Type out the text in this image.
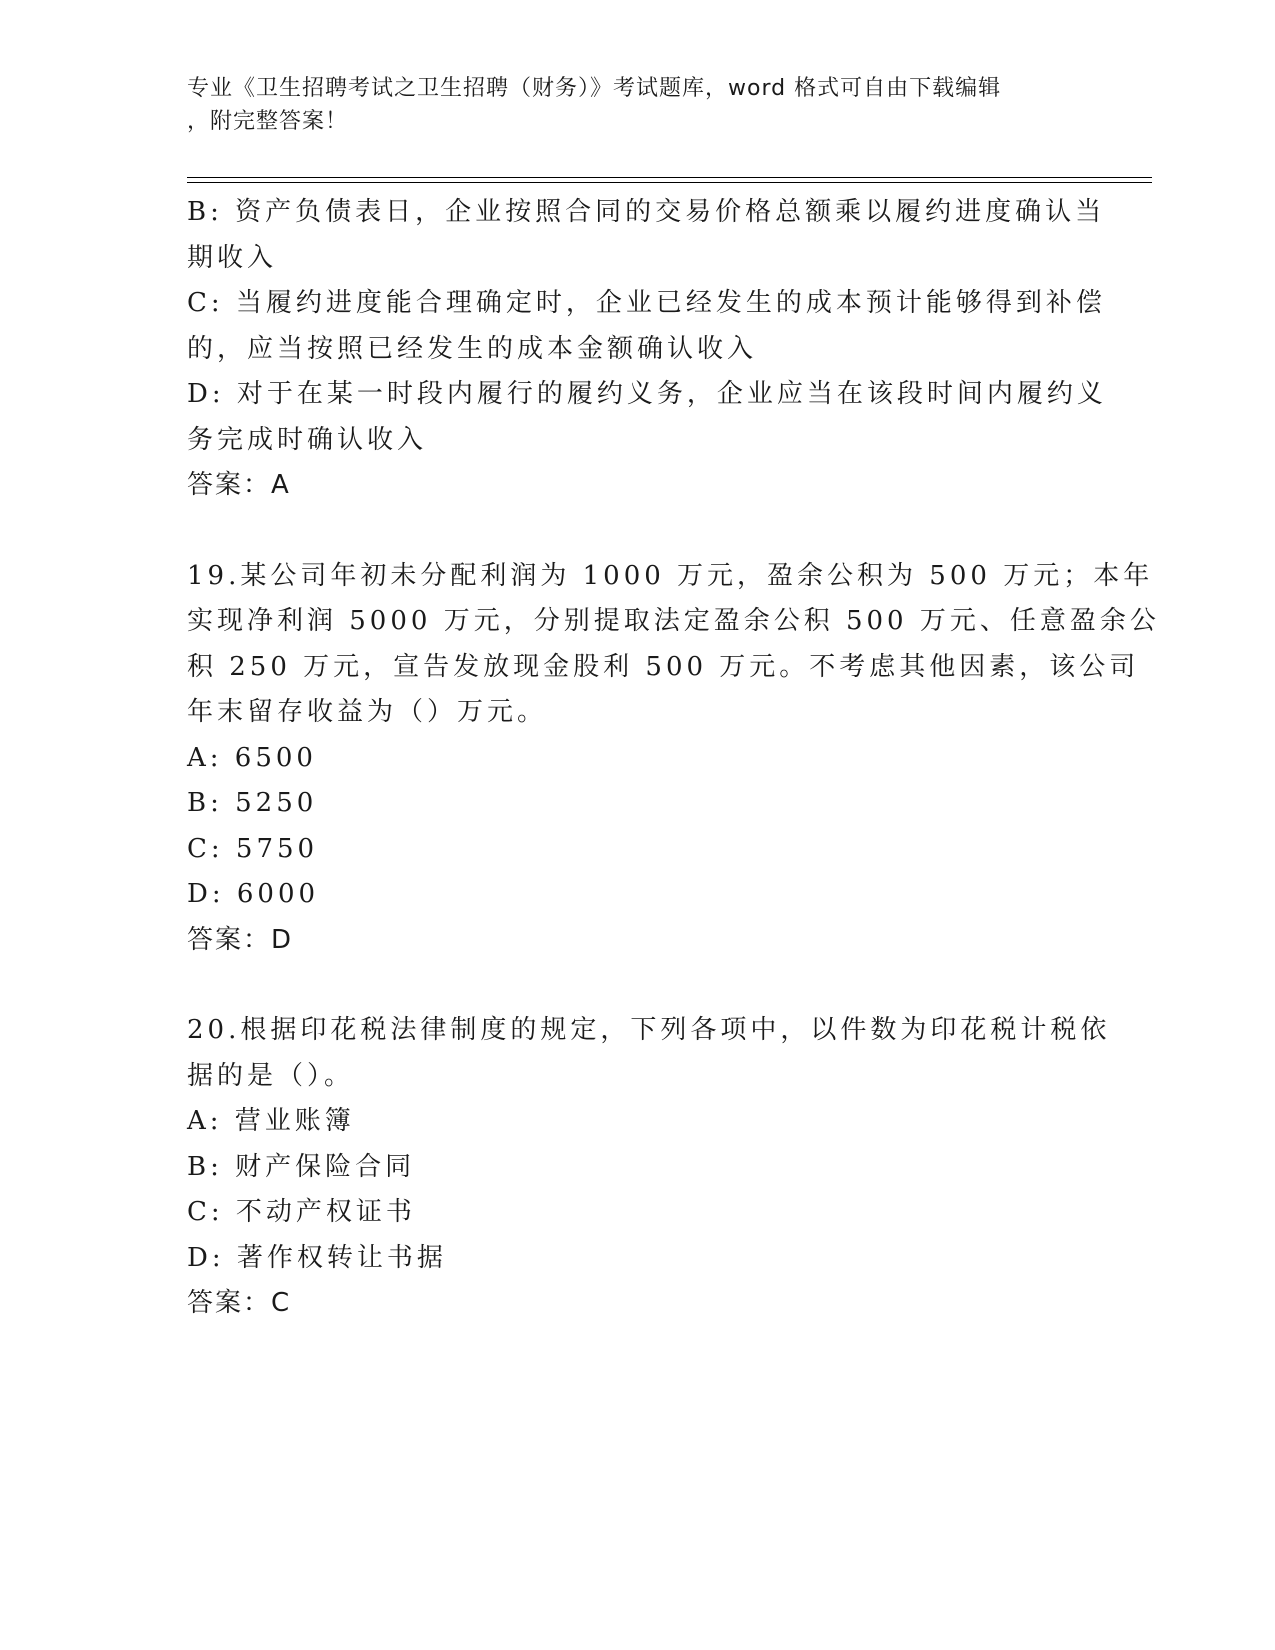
专业《卫生招聘考试之卫生招聘（财务）》考试题库，word 格式可自由下载编辑
，附完整答案！
B: 资产负债表日，企业按照合同的交易价格总额乘以履约进度确认当
期收入
C: 当履约进度能合理确定时，企业已经发生的成本预计能够得到补偿
的，应当按照已经发生的成本金额确认收入
D: 对于在某一时段内履行的履约义务，企业应当在该段时间内履约义
务完成时确认收入
答案：A
19.某公司年初未分配利润为 1000 万元，盈余公积为 500 万元；本年
实现净利润 5000 万元，分别提取法定盈余公积 500 万元、任意盈余公
积 250 万元，宣告发放现金股利 500 万元。不考虑其他因素，该公司
年末留存收益为（）万元。
A: 6500
B: 5250
C: 5750
D: 6000
答案：D
20.根据印花税法律制度的规定，下列各项中，以件数为印花税计税依
据的是（）。
A: 营业账簿
B: 财产保险合同
C: 不动产权证书
D: 著作权转让书据
答案：C
